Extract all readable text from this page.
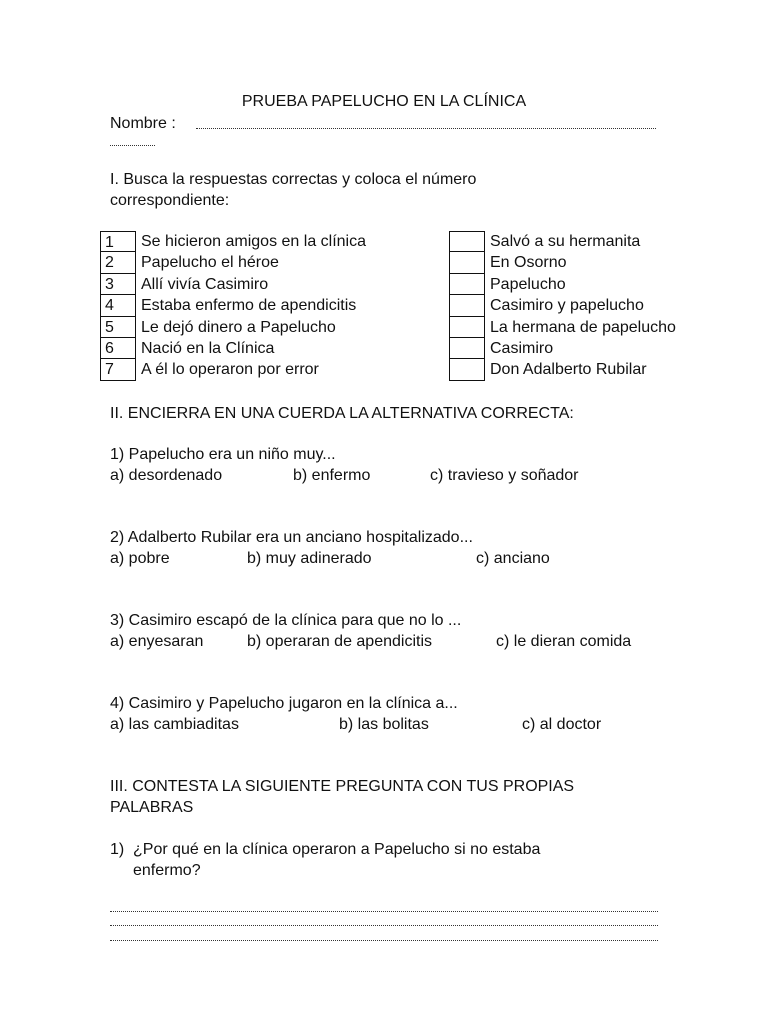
PRUEBA PAPELUCHO EN LA CLÍNICA
Nombre :
I. Busca la respuestas correctas y coloca el número
correspondiente:
1	Se hicieron amigos en la clínica	Salvó a su hermanita
2	Papelucho el héroe	En Osorno
3	Allí vivía Casimiro	Papelucho
4	Estaba enfermo de apendicitis	Casimiro y papelucho
5	Le dejó dinero a Papelucho	La hermana de papelucho
6	Nació en la Clínica	Casimiro
7	A él lo operaron por error	Don Adalberto Rubilar
II. ENCIERRA EN UNA CUERDA LA ALTERNATIVA CORRECTA:
1) Papelucho era un niño muy...
a) desordenado	b) enfermo	c) travieso y soñador
2) Adalberto Rubilar era un anciano hospitalizado...
a) pobre	b) muy adinerado	c) anciano
3) Casimiro escapó de la clínica para que no lo ...
a) enyesaran	b) operaran de apendicitis	c) le dieran comida
4) Casimiro y Papelucho jugaron en la clínica a...
a) las cambiaditas	b) las bolitas	c) al doctor
III. CONTESTA LA SIGUIENTE PREGUNTA CON TUS PROPIAS
PALABRAS
1) ¿Por qué en la clínica operaron a Papelucho si no estaba
enfermo?
